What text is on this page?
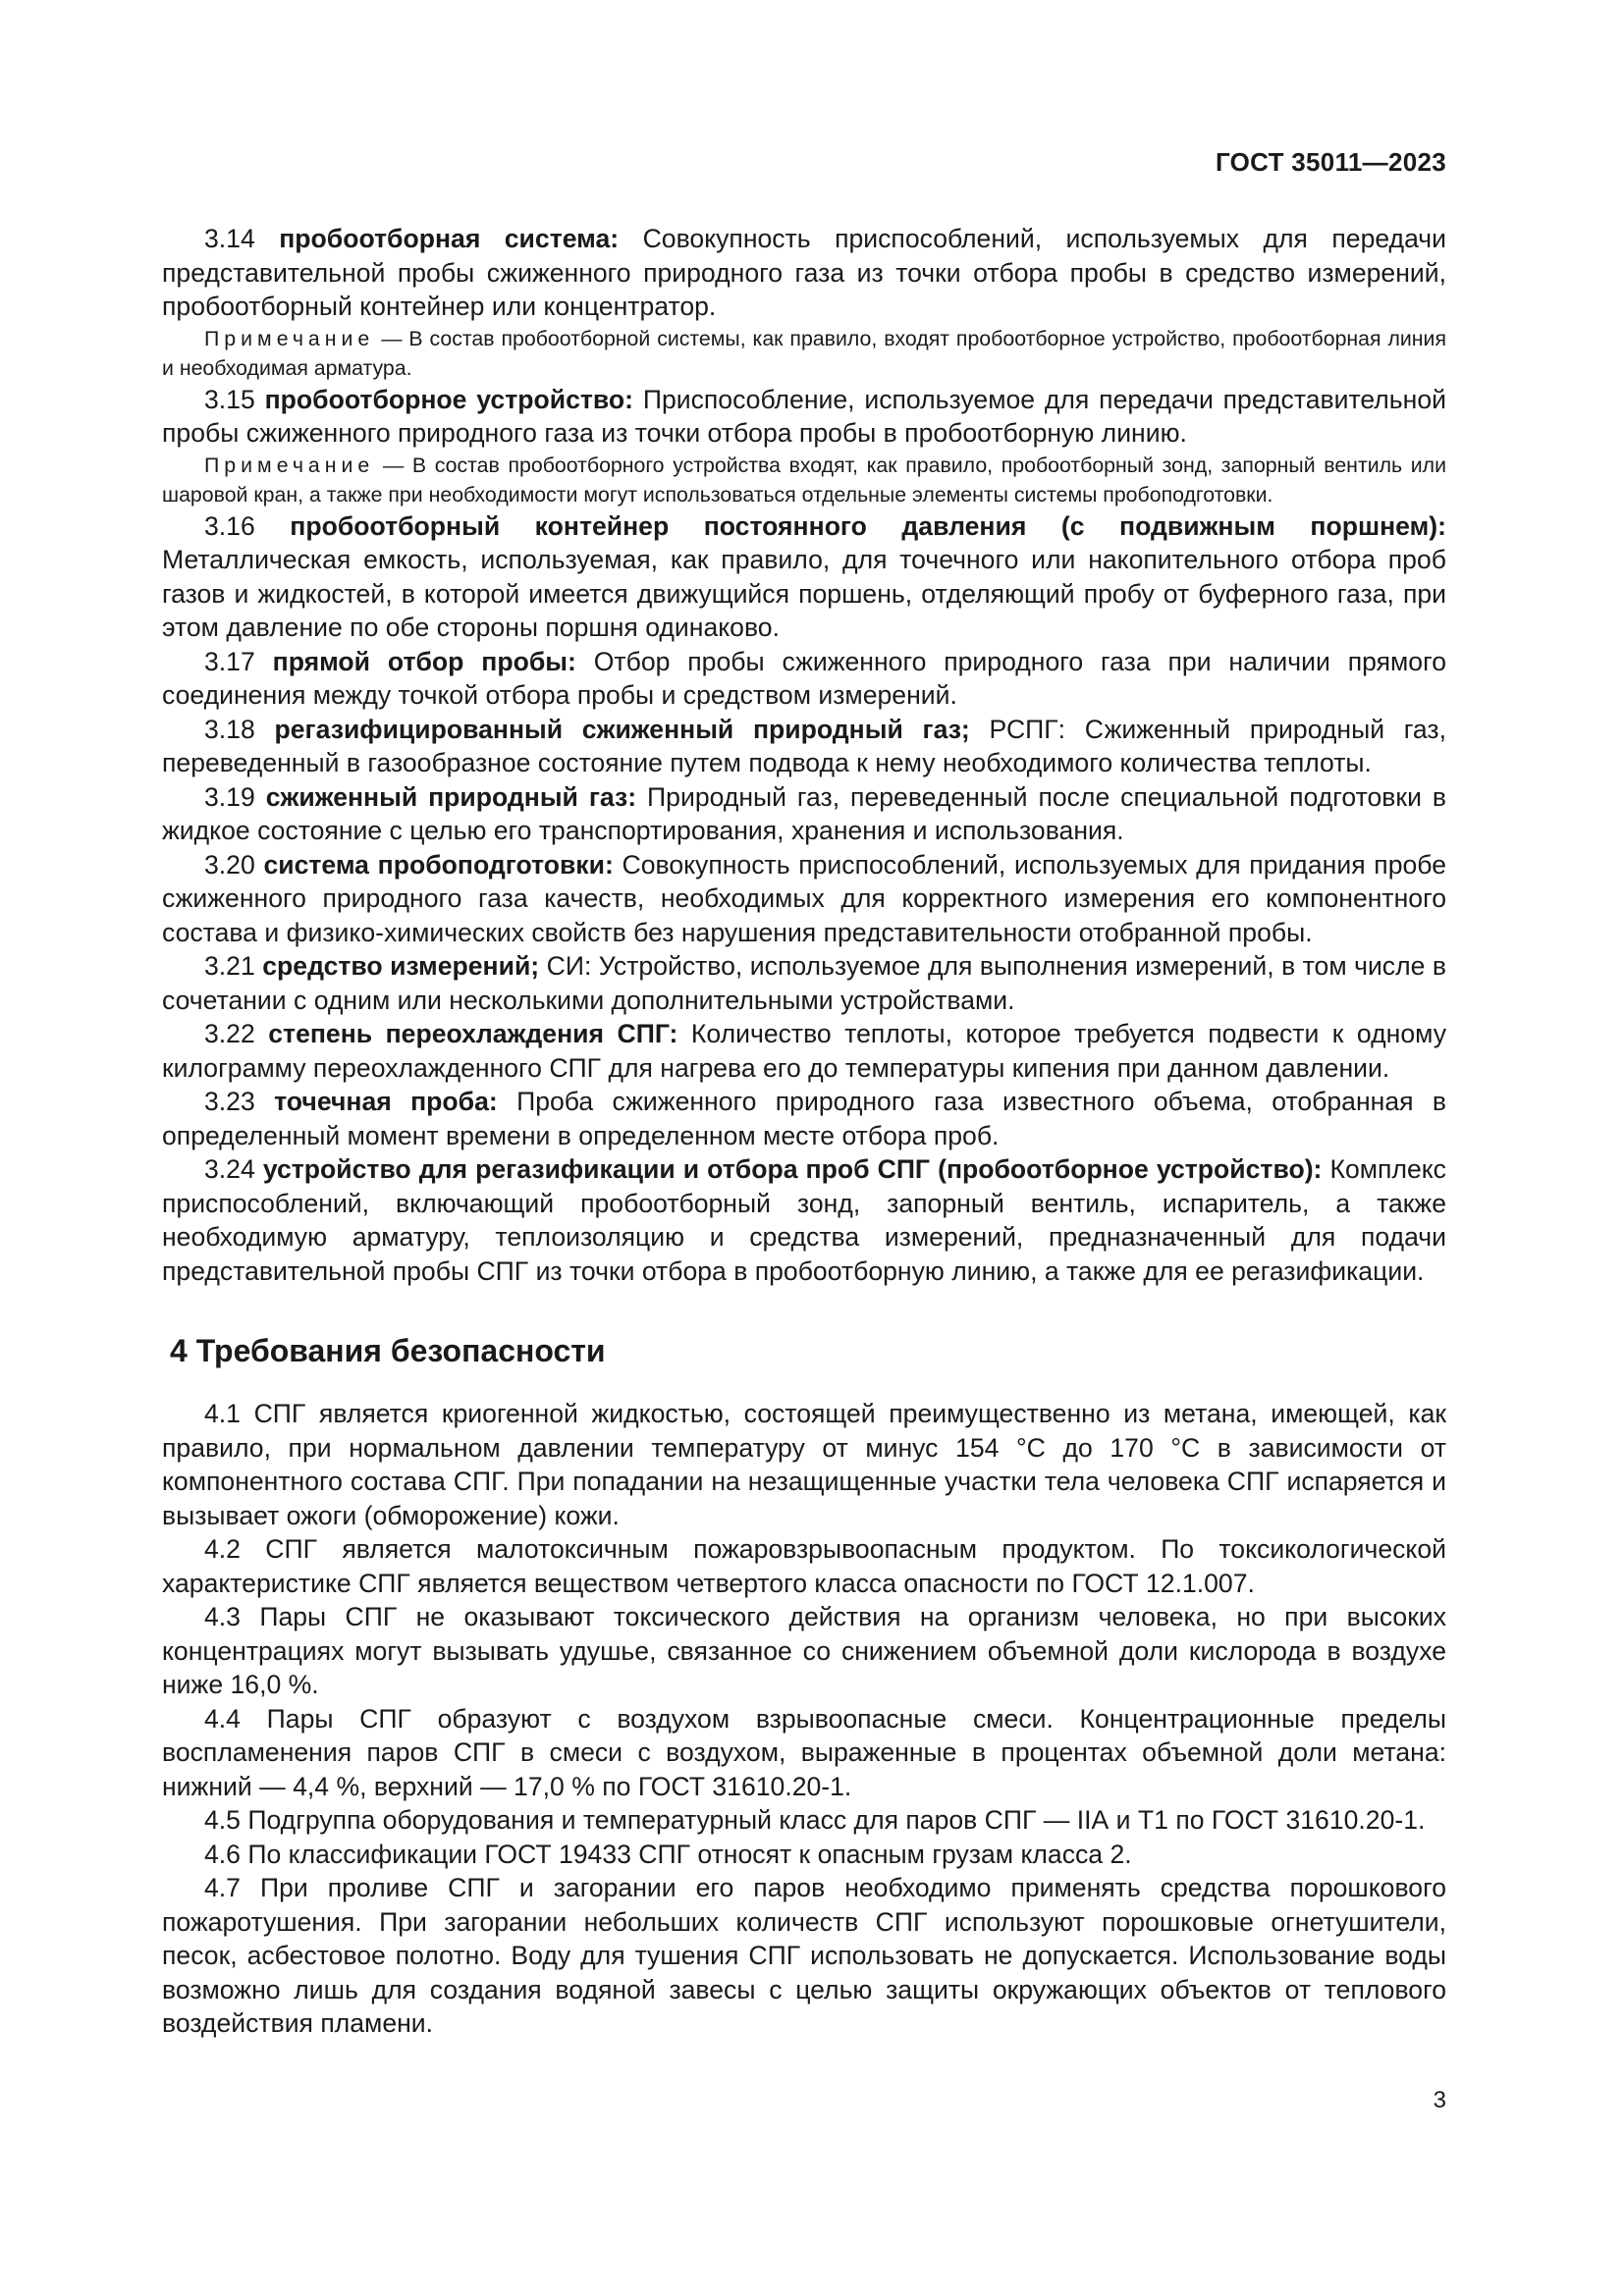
ГОСТ 35011—2023

3.14 пробоотборная система: Совокупность приспособлений, используемых для передачи представительной пробы сжиженного природного газа из точки отбора пробы в средство измерений, пробоотборный контейнер или концентратор.

Примечание — В состав пробоотборной системы, как правило, входят пробоотборное устройство, пробоотборная линия и необходимая арматура.

3.15 пробоотборное устройство: Приспособление, используемое для передачи представительной пробы сжиженного природного газа из точки отбора пробы в пробоотборную линию.

Примечание — В состав пробоотборного устройства входят, как правило, пробоотборный зонд, запорный вентиль или шаровой кран, а также при необходимости могут использоваться отдельные элементы системы пробоподготовки.

3.16 пробоотборный контейнер постоянного давления (с подвижным поршнем): Металлическая емкость, используемая, как правило, для точечного или накопительного отбора проб газов и жидкостей, в которой имеется движущийся поршень, отделяющий пробу от буферного газа, при этом давление по обе стороны поршня одинаково.

3.17 прямой отбор пробы: Отбор пробы сжиженного природного газа при наличии прямого соединения между точкой отбора пробы и средством измерений.

3.18 регазифицированный сжиженный природный газ; РСПГ: Сжиженный природный газ, переведенный в газообразное состояние путем подвода к нему необходимого количества теплоты.

3.19 сжиженный природный газ: Природный газ, переведенный после специальной подготовки в жидкое состояние с целью его транспортирования, хранения и использования.

3.20 система пробоподготовки: Совокупность приспособлений, используемых для придания пробе сжиженного природного газа качеств, необходимых для корректного измерения его компонентного состава и физико-химических свойств без нарушения представительности отобранной пробы.

3.21 средство измерений; СИ: Устройство, используемое для выполнения измерений, в том числе в сочетании с одним или несколькими дополнительными устройствами.

3.22 степень переохлаждения СПГ: Количество теплоты, которое требуется подвести к одному килограмму переохлажденного СПГ для нагрева его до температуры кипения при данном давлении.

3.23 точечная проба: Проба сжиженного природного газа известного объема, отобранная в определенный момент времени в определенном месте отбора проб.

3.24 устройство для регазификации и отбора проб СПГ (пробоотборное устройство): Комплекс приспособлений, включающий пробоотборный зонд, запорный вентиль, испаритель, а также необходимую арматуру, теплоизоляцию и средства измерений, предназначенный для подачи представительной пробы СПГ из точки отбора в пробоотборную линию, а также для ее регазификации.

4 Требования безопасности

4.1 СПГ является криогенной жидкостью, состоящей преимущественно из метана, имеющей, как правило, при нормальном давлении температуру от минус 154 °С до 170 °С в зависимости от компонентного состава СПГ. При попадании на незащищенные участки тела человека СПГ испаряется и вызывает ожоги (обморожение) кожи.

4.2 СПГ является малотоксичным пожаровзрывоопасным продуктом. По токсикологической характеристике СПГ является веществом четвертого класса опасности по ГОСТ 12.1.007.

4.3 Пары СПГ не оказывают токсического действия на организм человека, но при высоких концентрациях могут вызывать удушье, связанное со снижением объемной доли кислорода в воздухе ниже 16,0 %.

4.4 Пары СПГ образуют с воздухом взрывоопасные смеси. Концентрационные пределы воспламенения паров СПГ в смеси с воздухом, выраженные в процентах объемной доли метана: нижний — 4,4 %, верхний — 17,0 % по ГОСТ 31610.20-1.

4.5 Подгруппа оборудования и температурный класс для паров СПГ — IIА и Т1 по ГОСТ 31610.20-1.

4.6 По классификации ГОСТ 19433 СПГ относят к опасным грузам класса 2.

4.7 При проливе СПГ и загорании его паров необходимо применять средства порошкового пожаротушения. При загорании небольших количеств СПГ используют порошковые огнетушители, песок, асбестовое полотно. Воду для тушения СПГ использовать не допускается. Использование воды возможно лишь для создания водяной завесы с целью защиты окружающих объектов от теплового воздействия пламени.

3
